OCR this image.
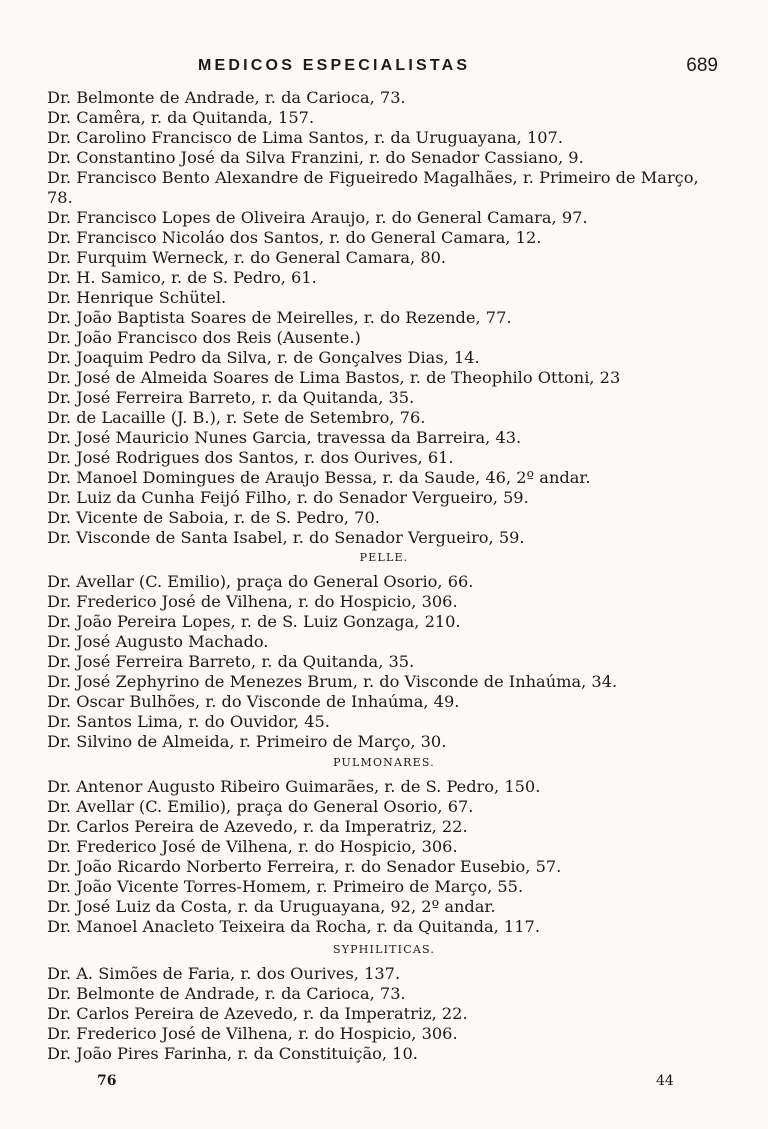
MEDICOS ESPECIALISTAS	689
Dr. Belmonte de Andrade, r. da Carioca, 73.
Dr. Camêra, r. da Quitanda, 157.
Dr. Carolino Francisco de Lima Santos, r. da Uruguayana, 107.
Dr. Constantino José da Silva Franzini, r. do Senador Cassiano, 9.
Dr. Francisco Bento Alexandre de Figueiredo Magalhães, r. Primeiro de Março, 78.
Dr. Francisco Lopes de Oliveira Araujo, r. do General Camara, 97.
Dr. Francisco Nicoláo dos Santos, r. do General Camara, 12.
Dr. Furquim Werneck, r. do General Camara, 80.
Dr. H. Samico, r. de S. Pedro, 61.
Dr. Henrique Schütel.
Dr. João Baptista Soares de Meirelles, r. do Rezende, 77.
Dr. João Francisco dos Reis (Ausente.)
Dr. Joaquim Pedro da Silva, r. de Gonçalves Dias, 14.
Dr. José de Almeida Soares de Lima Bastos, r. de Theophilo Ottoni, 23
Dr. José Ferreira Barreto, r. da Quitanda, 35.
Dr. de Lacaille (J. B.), r. Sete de Setembro, 76.
Dr. José Mauricio Nunes Garcia, travessa da Barreira, 43.
Dr. José Rodrigues dos Santos, r. dos Ourives, 61.
Dr. Manoel Domingues de Araujo Bessa, r. da Saude, 46, 2º andar.
Dr. Luiz da Cunha Feijó Filho, r. do Senador Vergueiro, 59.
Dr. Vicente de Saboia, r. de S. Pedro, 70.
Dr. Visconde de Santa Isabel, r. do Senador Vergueiro, 59.
PELLE.
Dr. Avellar (C. Emilio), praça do General Osorio, 66.
Dr. Frederico José de Vilhena, r. do Hospicio, 306.
Dr. João Pereira Lopes, r. de S. Luiz Gonzaga, 210.
Dr. José Augusto Machado.
Dr. José Ferreira Barreto, r. da Quitanda, 35.
Dr. José Zephyrino de Menezes Brum, r. do Visconde de Inhaúma, 34.
Dr. Oscar Bulhões, r. do Visconde de Inhaúma, 49.
Dr. Santos Lima, r. do Ouvidor, 45.
Dr. Silvino de Almeida, r. Primeiro de Março, 30.
PULMONARES.
Dr. Antenor Augusto Ribeiro Guimarães, r. de S. Pedro, 150.
Dr. Avellar (C. Emilio), praça do General Osorio, 67.
Dr. Carlos Pereira de Azevedo, r. da Imperatriz, 22.
Dr. Frederico José de Vilhena, r. do Hospicio, 306.
Dr. João Ricardo Norberto Ferreira, r. do Senador Eusebio, 57.
Dr. João Vicente Torres-Homem, r. Primeiro de Março, 55.
Dr. José Luiz da Costa, r. da Uruguayana, 92, 2º andar.
Dr. Manoel Anacleto Teixeira da Rocha, r. da Quitanda, 117.
SYPHILITICAS.
Dr. A. Simões de Faria, r. dos Ourives, 137.
Dr. Belmonte de Andrade, r. da Carioca, 73.
Dr. Carlos Pereira de Azevedo, r. da Imperatriz, 22.
Dr. Frederico José de Vilhena, r. do Hospicio, 306.
Dr. João Pires Farinha, r. da Constituição, 10.
76	44
